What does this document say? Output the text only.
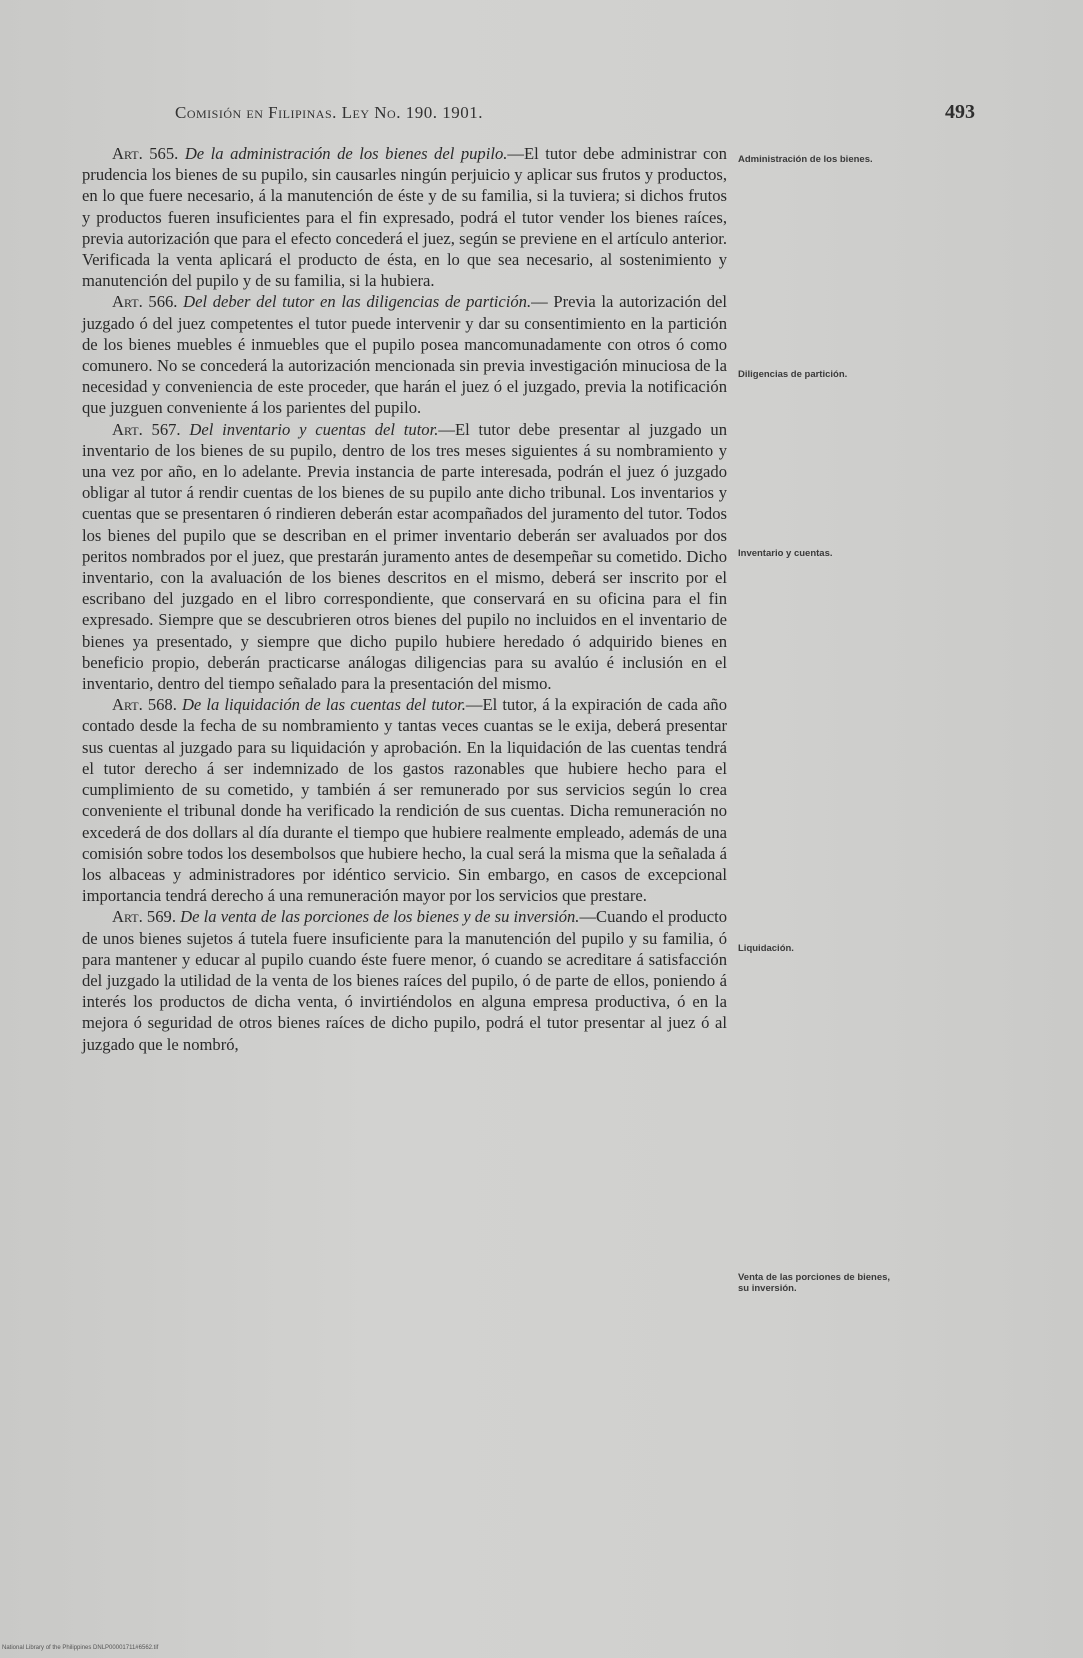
Comisión en Filipinas. Ley No. 190. 1901.	493

Art. 565. De la administración de los bienes del pupilo.—El tutor debe administrar con prudencia los bienes de su pupilo, sin causarles ningún perjuicio y aplicar sus frutos y productos, en lo que fuere necesario, á la manutención de éste y de su familia, si la tuviera; si dichos frutos y productos fueren insuficientes para el fin expresado, podrá el tutor vender los bienes raíces, previa autorización que para el efecto concederá el juez, según se previene en el artículo anterior. Verificada la venta aplicará el producto de ésta, en lo que sea necesario, al sostenimiento y manutención del pupilo y de su familia, si la hubiera.

Art. 566. Del deber del tutor en las diligencias de partición.— Previa la autorización del juzgado ó del juez competentes el tutor puede intervenir y dar su consentimiento en la partición de los bienes muebles é inmuebles que el pupilo posea mancomunadamente con otros ó como comunero. No se concederá la autorización mencionada sin previa investigación minuciosa de la necesidad y conveniencia de este proceder, que harán el juez ó el juzgado, previa la notificación que juzguen conveniente á los parientes del pupilo.

Art. 567. Del inventario y cuentas del tutor.—El tutor debe presentar al juzgado un inventario de los bienes de su pupilo, dentro de los tres meses siguientes á su nombramiento y una vez por año, en lo adelante. Previa instancia de parte interesada, podrán el juez ó juzgado obligar al tutor á rendir cuentas de los bienes de su pupilo ante dicho tribunal. Los inventarios y cuentas que se presentaren ó rindieren deberán estar acompañados del juramento del tutor. Todos los bienes del pupilo que se describan en el primer inventario deberán ser avaluados por dos peritos nombrados por el juez, que prestarán juramento antes de desempeñar su cometido. Dicho inventario, con la avaluación de los bienes descritos en el mismo, deberá ser inscrito por el escribano del juzgado en el libro correspondiente, que conservará en su oficina para el fin expresado. Siempre que se descubrieren otros bienes del pupilo no incluidos en el inventario de bienes ya presentado, y siempre que dicho pupilo hubiere heredado ó adquirido bienes en beneficio propio, deberán practicarse análogas diligencias para su avalúo é inclusión en el inventario, dentro del tiempo señalado para la presentación del mismo.

Art. 568. De la liquidación de las cuentas del tutor.—El tutor, á la expiración de cada año contado desde la fecha de su nombramiento y tantas veces cuantas se le exija, deberá presentar sus cuentas al juzgado para su liquidación y aprobación. En la liquidación de las cuentas tendrá el tutor derecho á ser indemnizado de los gastos razonables que hubiere hecho para el cumplimiento de su cometido, y también á ser remunerado por sus servicios según lo crea conveniente el tribunal donde ha verificado la rendición de sus cuentas. Dicha remuneración no excederá de dos dollars al día durante el tiempo que hubiere realmente empleado, además de una comisión sobre todos los desembolsos que hubiere hecho, la cual será la misma que la señalada á los albaceas y administradores por idéntico servicio. Sin embargo, en casos de excepcional importancia tendrá derecho á una remuneración mayor por los servicios que prestare.

Art. 569. De la venta de las porciones de los bienes y de su inversión.—Cuando el producto de unos bienes sujetos á tutela fuere insuficiente para la manutención del pupilo y su familia, ó para mantener y educar al pupilo cuando éste fuere menor, ó cuando se acreditare á satisfacción del juzgado la utilidad de la venta de los bienes raíces del pupilo, ó de parte de ellos, poniendo á interés los productos de dicha venta, ó invirtiéndolos en alguna empresa productiva, ó en la mejora ó seguridad de otros bienes raíces de dicho pupilo, podrá el tutor presentar al juez ó al juzgado que le nombró,

Administración de los bienes.
Diligencias de partición.
Inventario y cuentas.
Liquidación.
Venta de las porciones de bienes, su inversión.
National Library of the Philippines DNLP00001711#6562.tif
